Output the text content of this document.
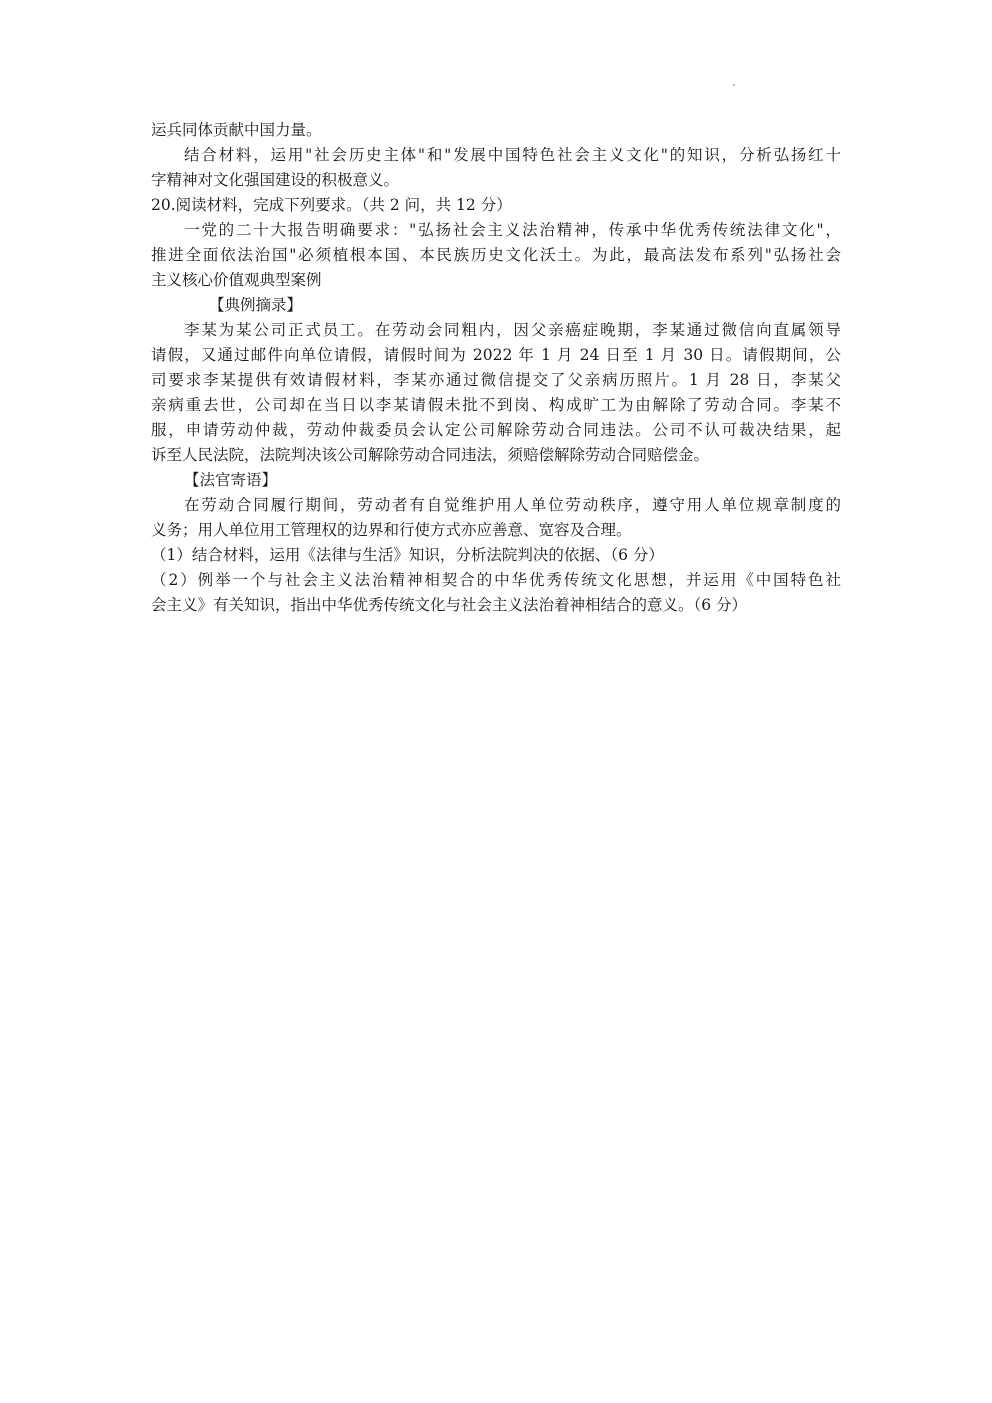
运兵同体贡献中国力量。
结合材料，运用"社会历史主体"和"发展中国特色社会主义文化"的知识，分析弘扬红十
字精神对文化强国建设的积极意义。
20.阅读材料，完成下列要求。（共 2 问，共 12 分）
一党的二十大报告明确要求："弘扬社会主义法治精神，传承中华优秀传统法律文化"，
推进全面依法治国"必须植根本国、本民族历史文化沃土。为此，最高法发布系列"弘扬社会
主义核心价值观典型案例
【典例摘录】
李某为某公司正式员工。在劳动会同粗内，因父亲癌症晚期，李某通过微信向直属领导
请假，又通过邮件向单位请假，请假时间为 2022 年 1 月 24 日至 1 月 30 日。请假期间，公
司要求李某提供有效请假材料，李某亦通过微信提交了父亲病历照片。1 月 28 日，李某父
亲病重去世，公司却在当日以李某请假未批不到岗、构成旷工为由解除了劳动合同。李某不
服，申请劳动仲裁，劳动仲裁委员会认定公司解除劳动合同违法。公司不认可裁决结果，起
诉至人民法院，法院判决该公司解除劳动合同违法，须赔偿解除劳动合同赔偿金。
【法官寄语】
在劳动合同履行期间，劳动者有自觉维护用人单位劳动秩序，遵守用人单位规章制度的
义务；用人单位用工管理权的边界和行使方式亦应善意、宽容及合理。
（1）结合材料，运用《法律与生活》知识，分析法院判决的依据、（6 分）
（2）例举一个与社会主义法治精神相契合的中华优秀传统文化思想，并运用《中国特色社
会主义》有关知识，指出中华优秀传统文化与社会主义法治着神相结合的意义。（6 分）
